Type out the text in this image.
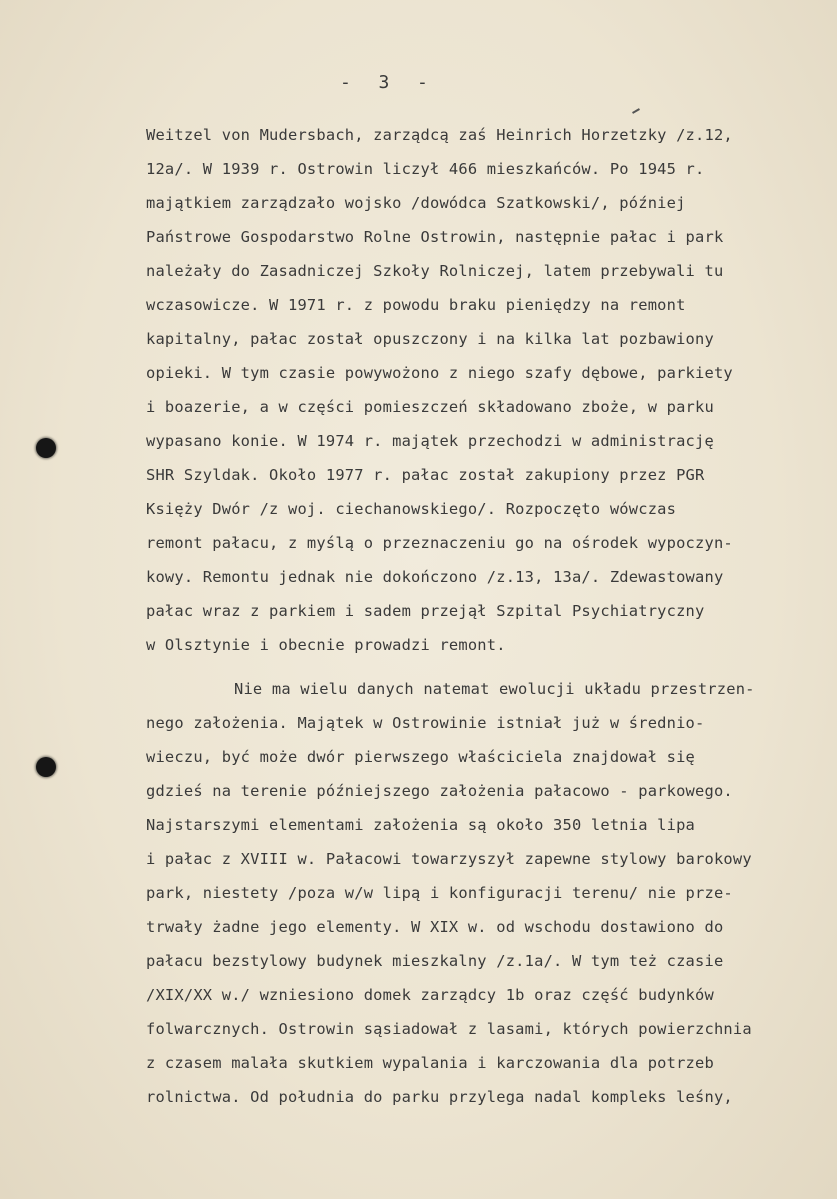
-  3  -
Weitzel von Mudersbach, zarządcą zaś Heinrich Horzetzky /z.12,
12a/. W 1939 r. Ostrowin liczył 466 mieszkańców. Po 1945 r.
majątkiem zarządzało wojsko /dowódca Szatkowski/, później
Państrowe Gospodarstwo Rolne Ostrowin, następnie pałac i park
należały do Zasadniczej Szkoły Rolniczej, latem przebywali tu
wczasowicze. W 1971 r. z powodu braku pieniędzy na remont
kapitalny, pałac został opuszczony i na kilka lat pozbawiony
opieki. W tym czasie powywożono z niego szafy dębowe, parkiety
i boazerie, a w części pomieszczeń składowano zboże, w parku
wypasano konie. W 1974 r. majątek przechodzi w administrację
SHR Szyldak. Około 1977 r. pałac został zakupiony przez PGR
Księży Dwór /z woj. ciechanowskiego/. Rozpoczęto wówczas
remont pałacu, z myślą o przeznaczeniu go na ośrodek wypoczyn-
kowy. Remontu jednak nie dokończono /z.13, 13a/. Zdewastowany
pałac wraz z parkiem i sadem przejął Szpital Psychiatryczny
w Olsztynie i obecnie prowadzi remont.
Nie ma wielu danych natemat ewolucji układu przestrzen-
nego założenia. Majątek w Ostrowinie istniał już w średnio-
wieczu, być może dwór pierwszego właściciela znajdował się
gdzieś na terenie późniejszego założenia pałacowo - parkowego.
Najstarszymi elementami założenia są około 350 letnia lipa
i pałac z XVIII w. Pałacowi towarzyszył zapewne stylowy barokowy
park, niestety /poza w/w lipą i konfiguracji terenu/ nie prze-
trwały żadne jego elementy. W XIX w. od wschodu dostawiono do
pałacu bezstylowy budynek mieszkalny /z.1a/. W tym też czasie
/XIX/XX w./ wzniesiono domek zarządcy 1b oraz część budynków
folwarcznych. Ostrowin sąsiadował z lasami, których powierzchnia
z czasem malała skutkiem wypalania i karczowania dla potrzeb
rolnictwa. Od południa do parku przylega nadal kompleks leśny,
